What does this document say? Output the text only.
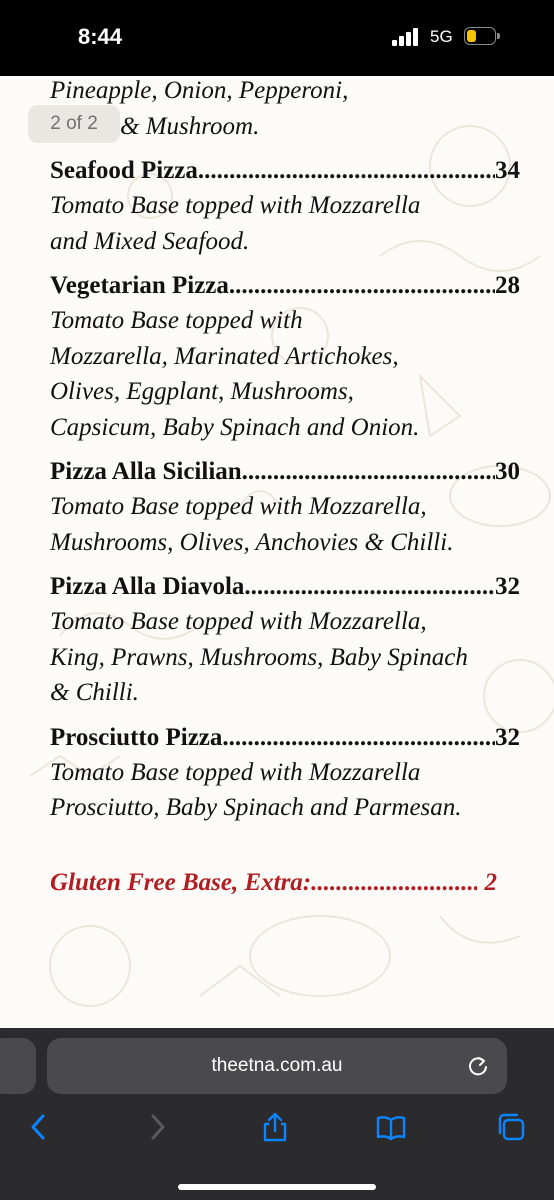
8:44	5G

Pineapple, Onion, Pepperoni,

& Mushroom.

Seafood Pizza .....	34

Tomato Base topped with Mozzarella

and Mixed Seafood.

Vegetarian Pizza .....	28

Tomato Base topped with

Mozzarella, Marinated Artichokes,

Olives, Eggplant, Mushrooms,

Capsicum, Baby Spinach and Onion.

Pizza Alla Sicilian .....	30

Tomato Base topped with Mozzarella,

Mushrooms, Olives, Anchovies & Chilli.

Pizza Alla Diavola .....	32

Tomato Base topped with Mozzarella,

King, Prawns, Mushrooms, Baby Spinach

& Chilli.

Prosciutto Pizza .....	32

Tomato Base topped with Mozzarella

Prosciutto, Baby Spinach and Parmesan.

Gluten Free Base, Extra: .....	2
2 of 2
theetna.com.au
